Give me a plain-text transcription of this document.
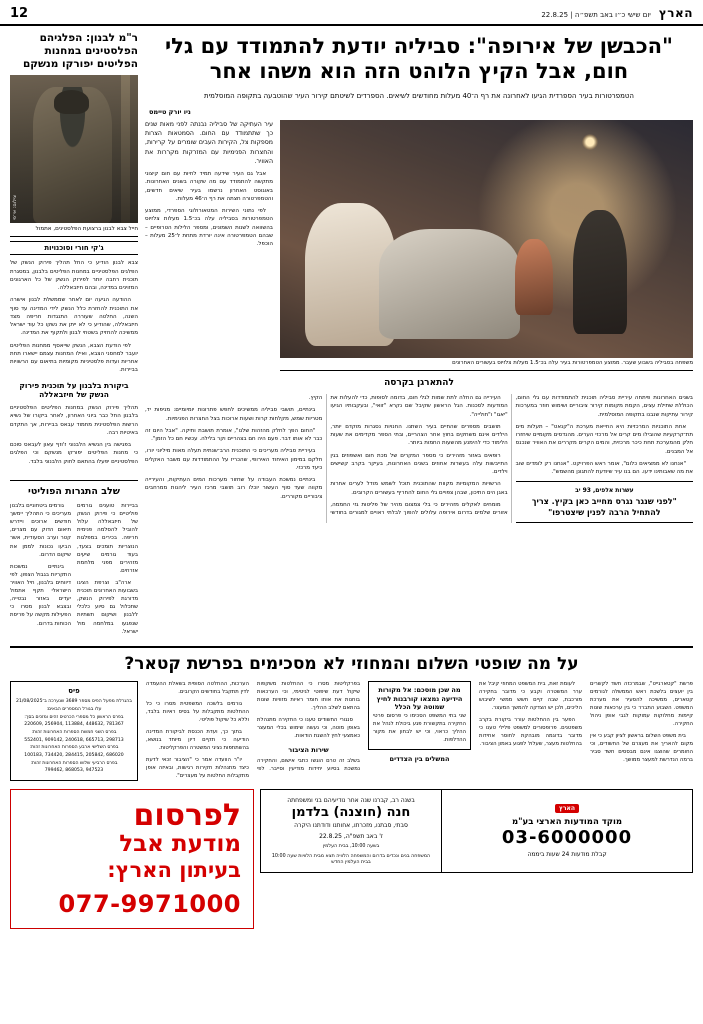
הארץ
יום שישי כ״ו באב תשפ״ה | 22.8.25
12
"הכבשן של אירופה": סביליה יודעת להתמודד עם גלי חום, אבל הקיץ הלוהט הזה הוא משהו אחר
הטמפרטורות בעיר הספרדית הגיעו לאחרונה את רף ה־40 מעלות מחודשים לשיאים. הספרדים לשיטתם קירור העיר שהוטבעה בתקופה המוסלמית
ניו יורק טיימס
משפחה בסביליה בשבוע שעבר. ממוצע הטמפרטורות בעיר עלה בכ־1.5 מעלות צלזיוס בעשורים האחרונים

עיר העתיקה של סביליה נבנתה לפני מאות שנים כך שתתמודד עם החום. הסמטאות הצרות מספקות צל, הקירות העבים שומרים על קרירות, והחצרות הפנימיות עם המזרקות מקררות את האוויר.

אבל גם העיר שידעה תמיד לחיות עם חום קיצוני מתקשה להתמודד עם מה שקורה בשנים האחרונות. באוגוסט האחרון נרשמו בעיר שיאים חדשים, והטמפרטורה חצתה את רף ה־46 מעלות.

לפי נתוני השירות המטאורולוגי הספרדי, ממוצע הטמפרטורות בסביליה עלה בכ־1.5 מעלות צלזיוס בהשוואה לשנות השמונים, ומספר הלילות הטרופיים – שבהם הטמפרטורה אינה יורדת מתחת ל־25 מעלות – הוכפל.

להתארגן בקרסה

בשנים האחרונות פיתחה עיריית סביליה תוכנית להתמודדות עם גלי החום, הכוללת שתילת עצים, הקמת מקומות קירור ציבוריים ושימוש חוזר במערכות קירור עתיקות שנבנו בתקופה המוסלמית.

אחת התוכניות המרכזיות היא החייאת מערכת ה"קנאט" – תעלות מים תת־קרקעיות שהובילו מים קרים אל מרכזי הערים. מהנדסים מקומיים שיחזרו חלק מהמערכת תחת כיכר מרכזית, והמים הקרים מקררים את האוויר שנכנס אל המבנים.

"אנחנו לא ממציאים כלום", אומר ראש הפרויקט. "אנחנו רק לומדים שוב את מה שאבותינו ידעו. הם בנו עיר שיודעת להתגונן מהשמש".

עשרות אלפים, 93 יב
"לפני שנגר נגרס מחייב כאן בקיץ. צריך להתחיל הרבה לפנין שיצטרפו"

העירייה גם החלה לתת שמות לגלי חום, בדומה לסופות, כדי להעלות את המודעות לסכנות. הגל הראשון שקיבל שם נקרא "זואי", ובעקבותיו הגיעו "יאגו" ו"חולייה".

תושבים מספרים שהחיים בעיר השתנו. החנויות נסגרות מוקדם יותר, הילדים אינם משחקים בחוץ אחר הצהריים, ובתי הספר מקדימים את שעות הלימוד כדי להימנע מהשעות החמות ביותר.

רופאים באזור מזהירים כי מספר המקרים של מכת חום ואשפוזים בגין התייבשות עלה בעשרות אחוזים בשנים האחרונות, בעיקר בקרב קשישים וילדים.

הרשויות המקומיות מקוות שהתוכנית תוכל לשמש מודל לערים אחרות באגן הים התיכון, שבהן צפויים גלי החום להחריף בעשורים הקרובים.

מומחים לאקלים מזהירים כי בלי צמצום מהיר של פליטות גזי החממה, אזורים שלמים בדרום אירופה עלולים להפוך לבלתי ראויים למגורים בחודשי הקיץ.

בינתיים, תושבי סביליה ממשיכים לחפש פתרונות יומיומיים: מניפות יד, מטריות שמש, מקלחות קרות ושעות ארוכות בצל החצרות הפנימיות.

"החום הפך לחלק מהזהות שלנו", אומרת תושבת ותיקה. "אבל היום זה כבר לא אותו דבר. פעם היה חם בצהריים וקר בלילה. עכשיו חם כל הזמן".

בעיריית סביליה מעריכים כי התוכנית הרב־שנתית תעלה מאות מיליוני יורו, חלקם במימון האיחוד האירופי, שהכריז על ההתמודדות עם משבר האקלים כיעד מרכזי.

בינתיים נמשכת העבודה על שחזור מערכות המים העתיקות, והעירייה מקווה שעד סוף העשור יוכלו רוב תושבי מרכז העיר ליהנות ממרחבים ציבוריים מקוררים.

ר"מ לבנון: הפלגיהם הפלסטינים במחנות הפליטים יפורקו מנשקם
צילום: אי־פי
חייל צבא לבנון ברצועת הפלסטינים, אתמול
ג'קי חורי וסוכנויות

צבא לבנון הודיע כי החל תהליך פירוק הנשק של הפלגים הפלסטיניים במחנות הפליטים בלבנון, במסגרת תוכנית רחבה יותר לפירוק הנשק של כל הארגונים המזוינים במדינה, ובהם חיזבאללה.

ההודעה הגיעה יום לאחר שממשלת לבנון אישרה את התוכנית להחזרת כלל הנשק לידי המדינה עד סוף השנה, החלטה שעוררה התנגדות חריפה מצד חיזבאללה, שהודיע כי לא ייתן את נשקו כל עוד ישראל ממשיכה להחזיק בשטחי לבנון ולתקוף את המדינה.

לפי הודעת הצבא, הנשק שייאסף ממחנות הפליטים יועבר למחסני הצבא, ואילו המחנות עצמם יישארו תחת אחריות ועדות פלסטיניות מקומיות בתיאום עם הרשויות בביירות.

ביקורת בלבנון על תוכנית פירוק הנשק של חיזבאללה

תהליך פירוק הנשק במחנות הפליטים הפלסטיניים בלבנון החל כבר ביוני האחרון, לאחר ביקורו של נשיא הרשות הפלסטינית מחמוד עבאס בביירות, אך התקדם באיטיות רבה.

בפגישה בין הנשיא הלבנוני ז'וזף עאון לעבאס סוכם כי מחנות הפליטים יפורקו מנשקם וכי הפלגים הפלסטיניים יפעלו בהתאם לחוק הלבנוני בלבד.

שלב התגרות הפוליטי

בביירות טוענים גורמים פוליטיים כי פירוק הנשק של חיזבאללה עלול להוביל להסלמה פנימית חריפה. בכירים במפלגות הנוצריות תומכים בצעד, בעוד גורמים שיעים מזהירים מפני מלחמת אזרחים.

ארה"ב וצרפת הציגו בשבועות האחרונים תוכנית מדורגת לפירוק הנשק, שתכלול גם סיוע כלכלי ללבנון ושיקום תשתיות שנפגעו במלחמה מול ישראל.

גורמים ביטחוניים בלבנון מעריכים כי התהליך יימשך חודשים ארוכים ויידרש תיאום הדוק עם מצרים, קטר וערב הסעודית, אשר הביעו נכונות לממן את שיקום הדרום.

בינתיים נמשכות התקריות בגבול הצפון. לפי דיווחים בלבנון, חיל האוויר הישראלי תקף אתמול יעדים באזור נבטייה, ובצבא לבנון מסרו כי הפעילות מקשה על פריסת הכוחות בדרום.

על מה שופטי השלום והמחוזי לא מסכימים בפרשת קטאר?

פרשת "קטארגייט", שבמרכזה חשד לקשרים בין יועצים בלשכת ראש הממשלה לגורמים קטארים, ממשיכה להסעיר את מערכת המשפט. השבוע התברר כי בין ערכאות שונות קיימות מחלוקות עמוקות לגבי אופן ניהול החקירה.

בית משפט השלום בראשון לציון קבע כי אין מקום להאריך את מעצרם של החשודים, וכי החומרים שהוצגו אינם מבססים חשד סביר ברמה הנדרשת למעצר ממושך.

לעומת זאת, בית המשפט המחוזי קיבל את ערר המשטרה וקבע כי מדובר בחקירה מורכבת, שבה קיים חשש ממשי לשיבוש הליכים, ולכן יש הצדקה להמשך המעצר.

הפער בין ההחלטות עורר ביקורת בקרב משפטנים. פרופסורים למשפט פלילי טענו כי מדובר בדוגמה מובהקת לחוסר אחידות בהחלטות מעצר, שעלול לפגוע באמון הציבור.

מה שכן מוסכם: אל מקורות הידיעה נמצאו קורבנות לחיץ שמוטה על הכלל
שני בתי המשפט הסכימו כי פרסום פרטי החקירה בתקשורת פגע ביכולת לנהל את ההליך כראוי, וכי יש לבחון את מקור ההדלפות.
המשלים בין הצדדים

בפרקליטות מסרו כי ההחלטות משקפות שיקול דעת שיפוטי לגיטימי, וכי הערכאות בוחנות את אותו חומר ראיות מזוויות שונות בהתאם לשלב ההליך.

סנגורי החשודים טענו כי החקירה מתנהלת באופן מוטה, וכי נעשה שימוש בכלי המעצר כאמצעי לחץ להשגת הודאות.

שירות הציבור

בשלב זה טרם הוגשו כתבי אישום, והחקירה נמשכת בסיוע יחידות מודיעין וסייבר. לפי הערכות, ההחלטה הסופית בשאלת ההעמדה לדין תתקבל בחודשים הקרובים.

גורמים בלשכה המשפטית מסרו כי כל ההחלטות מתקבלות על בסיס ראיות בלבד, וללא כל שיקול פוליטי.

בתוך כך, ועדת הכנסת לביקורת המדינה הודיעה כי תקיים דיון מיוחד בנושא, בהשתתפות נציגי המשטרה והפרקליטות.

יו"ר הוועדה אמר כי "הציבור זכאי לדעת כיצד מתנהלות חקירות רגישות, ובאיזה אופן מתקבלות החלטות על מעצרים".

פיס
בהגרלת מפעל הפיס מספר 3689 שנערכה ב־21/08/2025
עלו בגורל המספרים הבאים:
בפרס הראשון כל מספרי הכרטיס זהים ומזכים בסך:
781367 ,448632 ,113884 ,256904 ,220609
בפרס השני חמשת הספרות האחרונות זהות:
298713 ,665713 ,240618 ,909142 ,552401
בפרס השלישי ארבע הספרות האחרונות זהות:
686020 ,205842 ,284415 ,734420 ,100183
בפרס הרביעי שלוש הספרות האחרונות זהות:
947523 ,868053 ,799462
הארץ
מוקד המודעות הארצי בע"מ
03-6000000
קבלת מודעות 24 שעות ביממה
בשנה רב, קברנו שנה אחר נודיעיהם בני ומשפחתה
חנה (חוצנה) בלדמן
סבתי, סבתנו, מזכרתו, אחותנו ודודתנו היקרה
ז' באב תשפ"ה, 22.8.25
בשעה 10:00, בבית העלמין
המשפחה בנים ונכדים בדרום והמשפחה הלוויה תצא מבית הלוויות שעה 10:00 בבית העלמין החדש
לפרסום
מודעת אבל
בעיתון הארץ:
077-9971000
